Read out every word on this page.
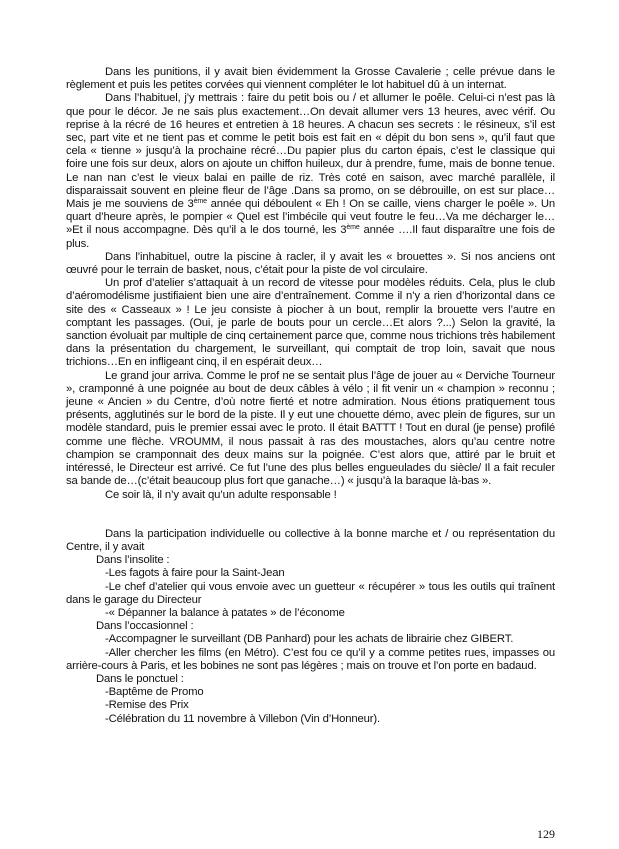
Dans les punitions, il y avait bien évidemment la Grosse Cavalerie ; celle prévue dans le règlement et puis les petites corvées qui viennent compléter le lot habituel dû à un internat.

Dans l’habituel, j’y mettrais : faire du petit bois ou / et allumer le poêle. Celui-ci n’est pas là que pour le décor. Je ne sais plus exactement…On devait allumer vers 13 heures, avec vérif. Ou reprise à la récré de 16 heures et entretien à 18 heures. A chacun ses secrets : le résineux, s’il est sec, part vite et ne tient pas et comme le petit bois est fait en « dépit du bon sens », qu’il faut que cela « tienne » jusqu’à la prochaine récré…Du papier plus du carton épais, c’est le classique qui foire une fois sur deux, alors on ajoute un chiffon huileux, dur à prendre, fume, mais de bonne tenue. Le nan nan c’est le vieux balai en paille de riz. Très coté en saison, avec marché parallèle, il disparaissait souvent en pleine fleur de l’âge .Dans sa promo, on se débrouille, on est sur place…Mais je me souviens de 3ème année qui déboulent « Eh ! On se caille, viens charger le poêle ». Un quart d’heure après, le pompier « Quel est l’imbécile qui veut foutre le feu…Va me décharger le… »Et il nous accompagne. Dès qu’il a le dos tourné, les 3ème année ….Il faut disparaître une fois de plus.

Dans l’inhabituel, outre la piscine à racler, il y avait les « brouettes ». Si nos anciens ont œuvré pour le terrain de basket, nous, c’était pour la piste de vol circulaire.

Un prof d’atelier s’attaquait à un record de vitesse pour modèles réduits. Cela, plus le club d’aéromodélisme justifiaient bien une aire d’entraînement. Comme il n’y a rien d’horizontal dans ce site des « Casseaux » ! Le jeu consiste à piocher à un bout, remplir la brouette vers l’autre en comptant les passages. (Oui, je parle de bouts pour un cercle…Et alors ?...) Selon la gravité, la sanction évoluait par multiple de cinq certainement parce que, comme nous trichions très habilement dans la présentation du chargement, le surveillant, qui comptait de trop loin, savait que nous trichions…En en infligeant cinq, il en espérait deux…

Le grand jour arriva. Comme le prof ne se sentait plus l’âge de jouer au « Derviche Tourneur », cramponné à une poignée au bout de deux câbles à vélo ; il fit venir un « champion » reconnu ; jeune « Ancien » du Centre, d’où notre fierté et notre admiration. Nous étions pratiquement tous présents, agglutinés sur le bord de la piste. Il y eut une chouette démo, avec plein de figures, sur un modèle standard, puis le premier essai avec le proto. Il était BATTT ! Tout en dural (je pense) profilé comme une flèche. VROUMM, il nous passait à ras des moustaches, alors qu’au centre notre champion se cramponnait des deux mains sur la poignée. C’est alors que, attiré par le bruit et intéressé, le Directeur est arrivé. Ce fut l’une des plus belles engueulades du siècle/ Il a fait reculer sa bande de…(c’était beaucoup plus fort que ganache…) « jusqu’à la baraque là-bas ».

Ce soir là, il n’y avait qu’un adulte responsable !

Dans la participation individuelle ou collective à la bonne marche et / ou représentation du Centre, il y avait

Dans l’insolite :

-Les fagots à faire pour la Saint-Jean

-Le chef d’atelier qui vous envoie avec un guetteur « récupérer » tous les outils qui traînent dans le garage du Directeur

-« Dépanner la balance à patates » de l’économe

Dans l’occasionnel :

-Accompagner le surveillant (DB Panhard) pour les achats de librairie chez GIBERT.

-Aller chercher les films (en Métro). C’est fou ce qu’il y a comme petites rues, impasses ou arrière-cours à Paris, et les bobines ne sont pas légères ; mais on trouve et l’on porte en badaud.

Dans le ponctuel :

-Baptême de Promo

-Remise des Prix

-Célébration du 11 novembre à Villebon (Vin d’Honneur).

129
